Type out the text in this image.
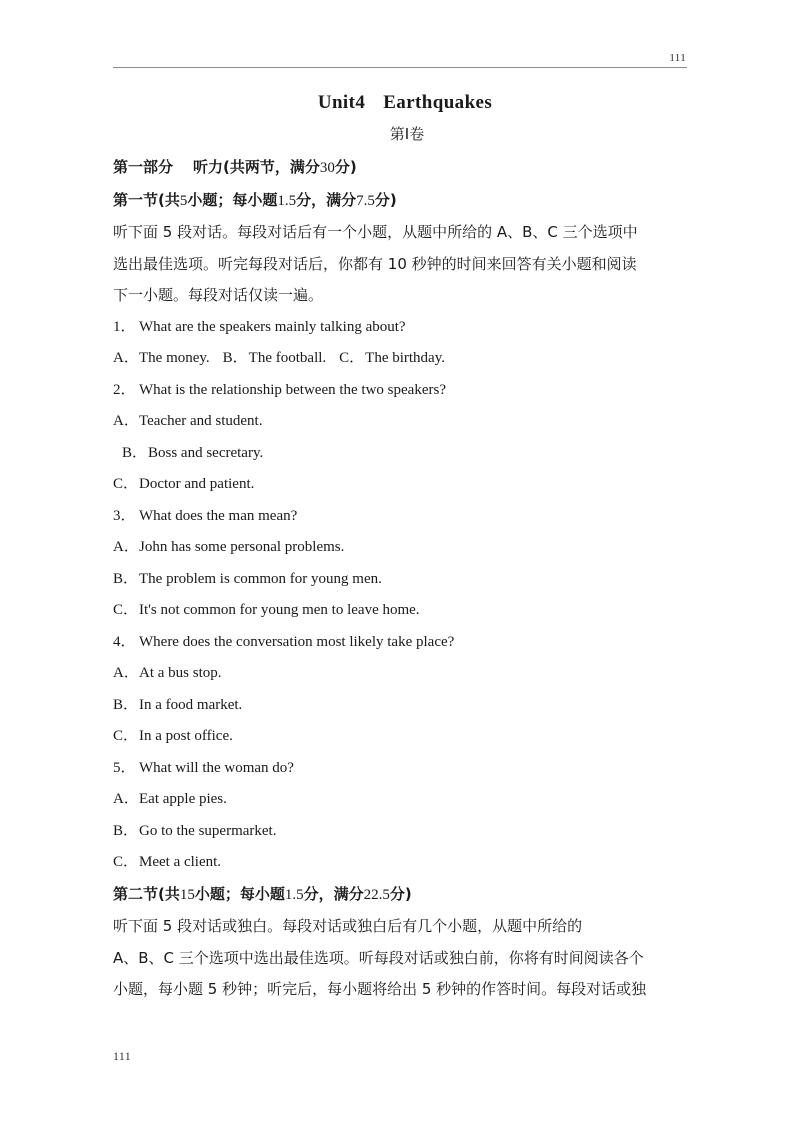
111
Unit4 Earthquakes
第Ⅰ卷
第一部分 听力(共两节，满分30分)
第一节(共5小题；每小题1.5分，满分7.5分)
听下面 5 段对话。每段对话后有一个小题，从题中所给的 A、B、C 三个选项中
选出最佳选项。听完每段对话后，你都有 10 秒钟的时间来回答有关小题和阅读
下一小题。每段对话仅读一遍。
1． What are the speakers mainly talking about?
A．The money. B．The football. C．The birthday.
2． What is the relationship between the two speakers?
A．Teacher and student.
B．Boss and secretary.
C．Doctor and patient.
3． What does the man mean?
A．John has some personal problems.
B．The problem is common for young men.
C．It's not common for young men to leave home.
4． Where does the conversation most likely take place?
A．At a bus stop.
B．In a food market.
C．In a post office.
5． What will the woman do?
A．Eat apple pies.
B．Go to the supermarket.
C．Meet a client.
第二节(共15小题；每小题1.5分，满分22.5分)
听下面 5 段对话或独白。每段对话或独白后有几个小题，从题中所给的
A、B、C 三个选项中选出最佳选项。听每段对话或独白前，你将有时间阅读各个
小题，每小题 5 秒钟；听完后，每小题将给出 5 秒钟的作答时间。每段对话或独
111
